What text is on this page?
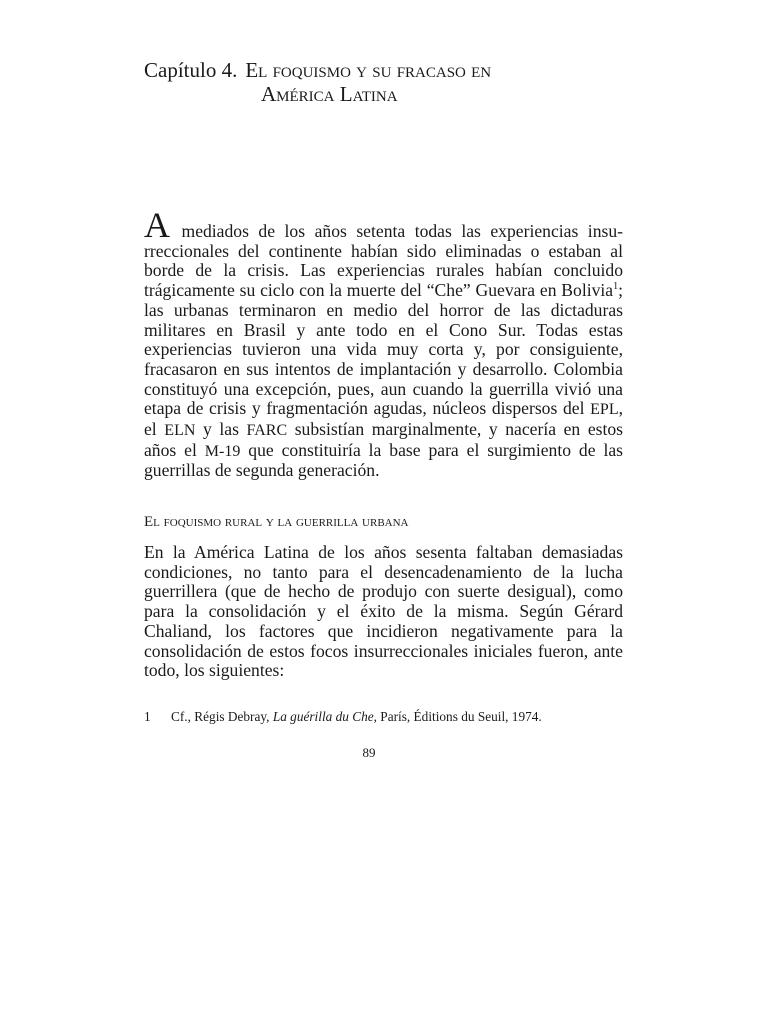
Capítulo 4. El foquismo y su fracaso en
América Latina

A mediados de los años setenta todas las experiencias insurreccionales del continente habían sido eliminadas o estaban al borde de la crisis. Las experiencias rurales habían concluido trágicamente su ciclo con la muerte del “Che” Guevara en Bolivia$^1$; las urbanas terminaron en medio del horror de las dictaduras militares en Brasil y ante todo en el Cono Sur. Todas estas experiencias tuvieron una vida muy corta y, por consiguiente, fracasaron en sus intentos de implantación y desarrollo. Colombia constituyó una excepción, pues, aun cuando la guerrilla vivió una etapa de crisis y fragmentación agudas, núcleos dispersos del EPL, el ELN y las FARC subsistían marginalmente, y nacería en estos años el M-19 que constituiría la base para el surgimiento de las guerrillas de segunda generación.

El foquismo rural y la guerrilla urbana

En la América Latina de los años sesenta faltaban demasiadas condiciones, no tanto para el desencadenamiento de la lucha guerrillera (que de hecho de produjo con suerte desigual), como para la consolidación y el éxito de la misma. Según Gérard Chaliand, los factores que incidieron negativamente para la consolidación de estos focos insurreccionales iniciales fueron, ante todo, los siguientes:

1 Cf., Régis Debray, La guérilla du Che, París, Éditions du Seuil, 1974.
89
